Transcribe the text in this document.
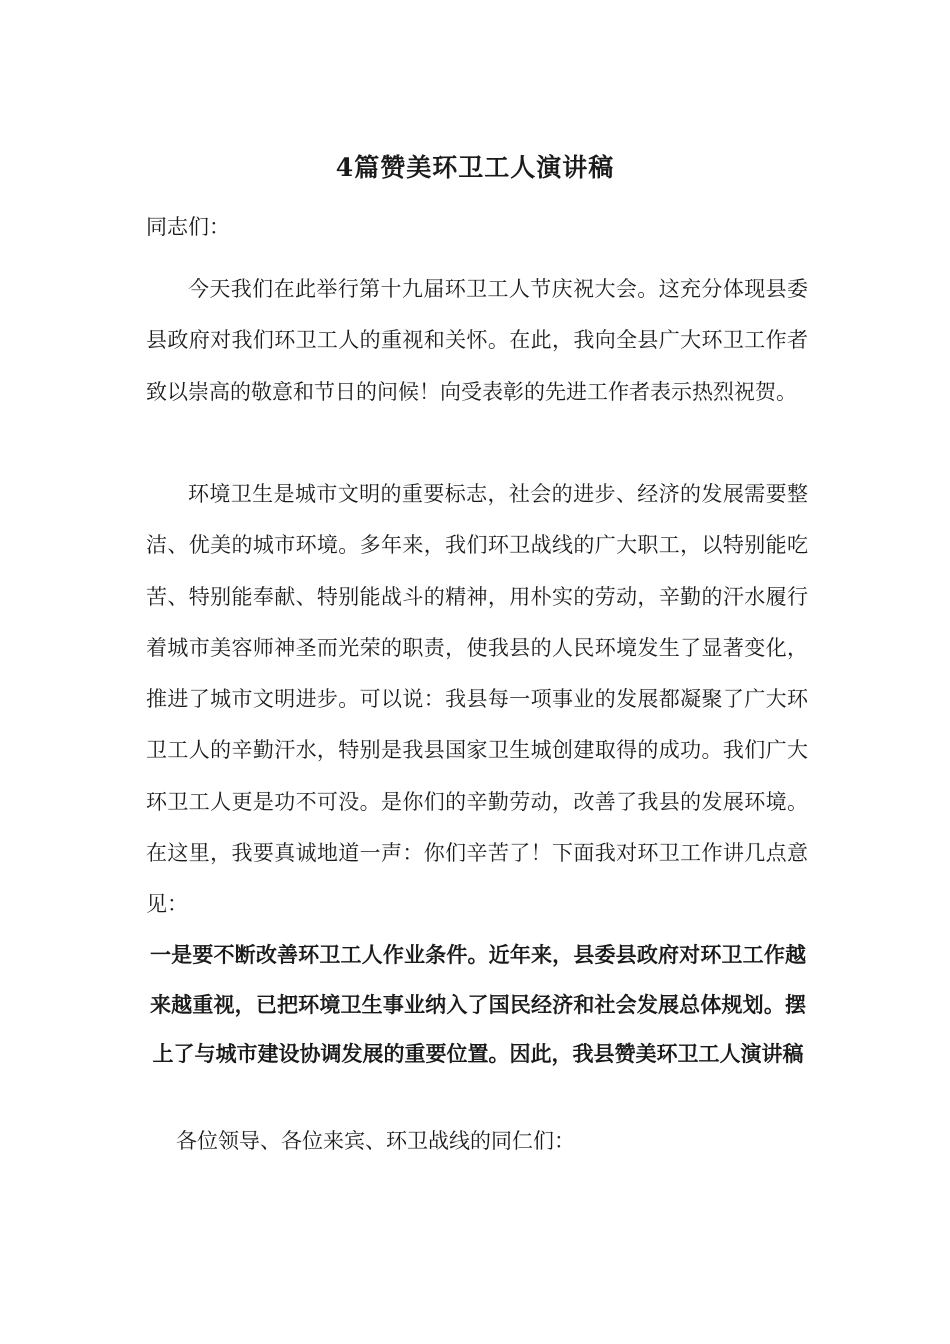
4篇赞美环卫工人演讲稿
同志们：
今天我们在此举行第十九届环卫工人节庆祝大会。这充分体现县委县政府对我们环卫工人的重视和关怀。在此，我向全县广大环卫工作者致以崇高的敬意和节日的问候！向受表彰的先进工作者表示热烈祝贺。
环境卫生是城市文明的重要标志，社会的进步、经济的发展需要整洁、优美的城市环境。多年来，我们环卫战线的广大职工，以特别能吃苦、特别能奉献、特别能战斗的精神，用朴实的劳动，辛勤的汗水履行着城市美容师神圣而光荣的职责，使我县的人民环境发生了显著变化，推进了城市文明进步。可以说：我县每一项事业的发展都凝聚了广大环卫工人的辛勤汗水，特别是我县国家卫生城创建取得的成功。我们广大环卫工人更是功不可没。是你们的辛勤劳动，改善了我县的发展环境。在这里，我要真诚地道一声：你们辛苦了！下面我对环卫工作讲几点意见：
一是要不断改善环卫工人作业条件。近年来，县委县政府对环卫工作越来越重视，已把环境卫生事业纳入了国民经济和社会发展总体规划。摆上了与城市建设协调发展的重要位置。因此，我县赞美环卫工人演讲稿
各位领导、各位来宾、环卫战线的同仁们：
